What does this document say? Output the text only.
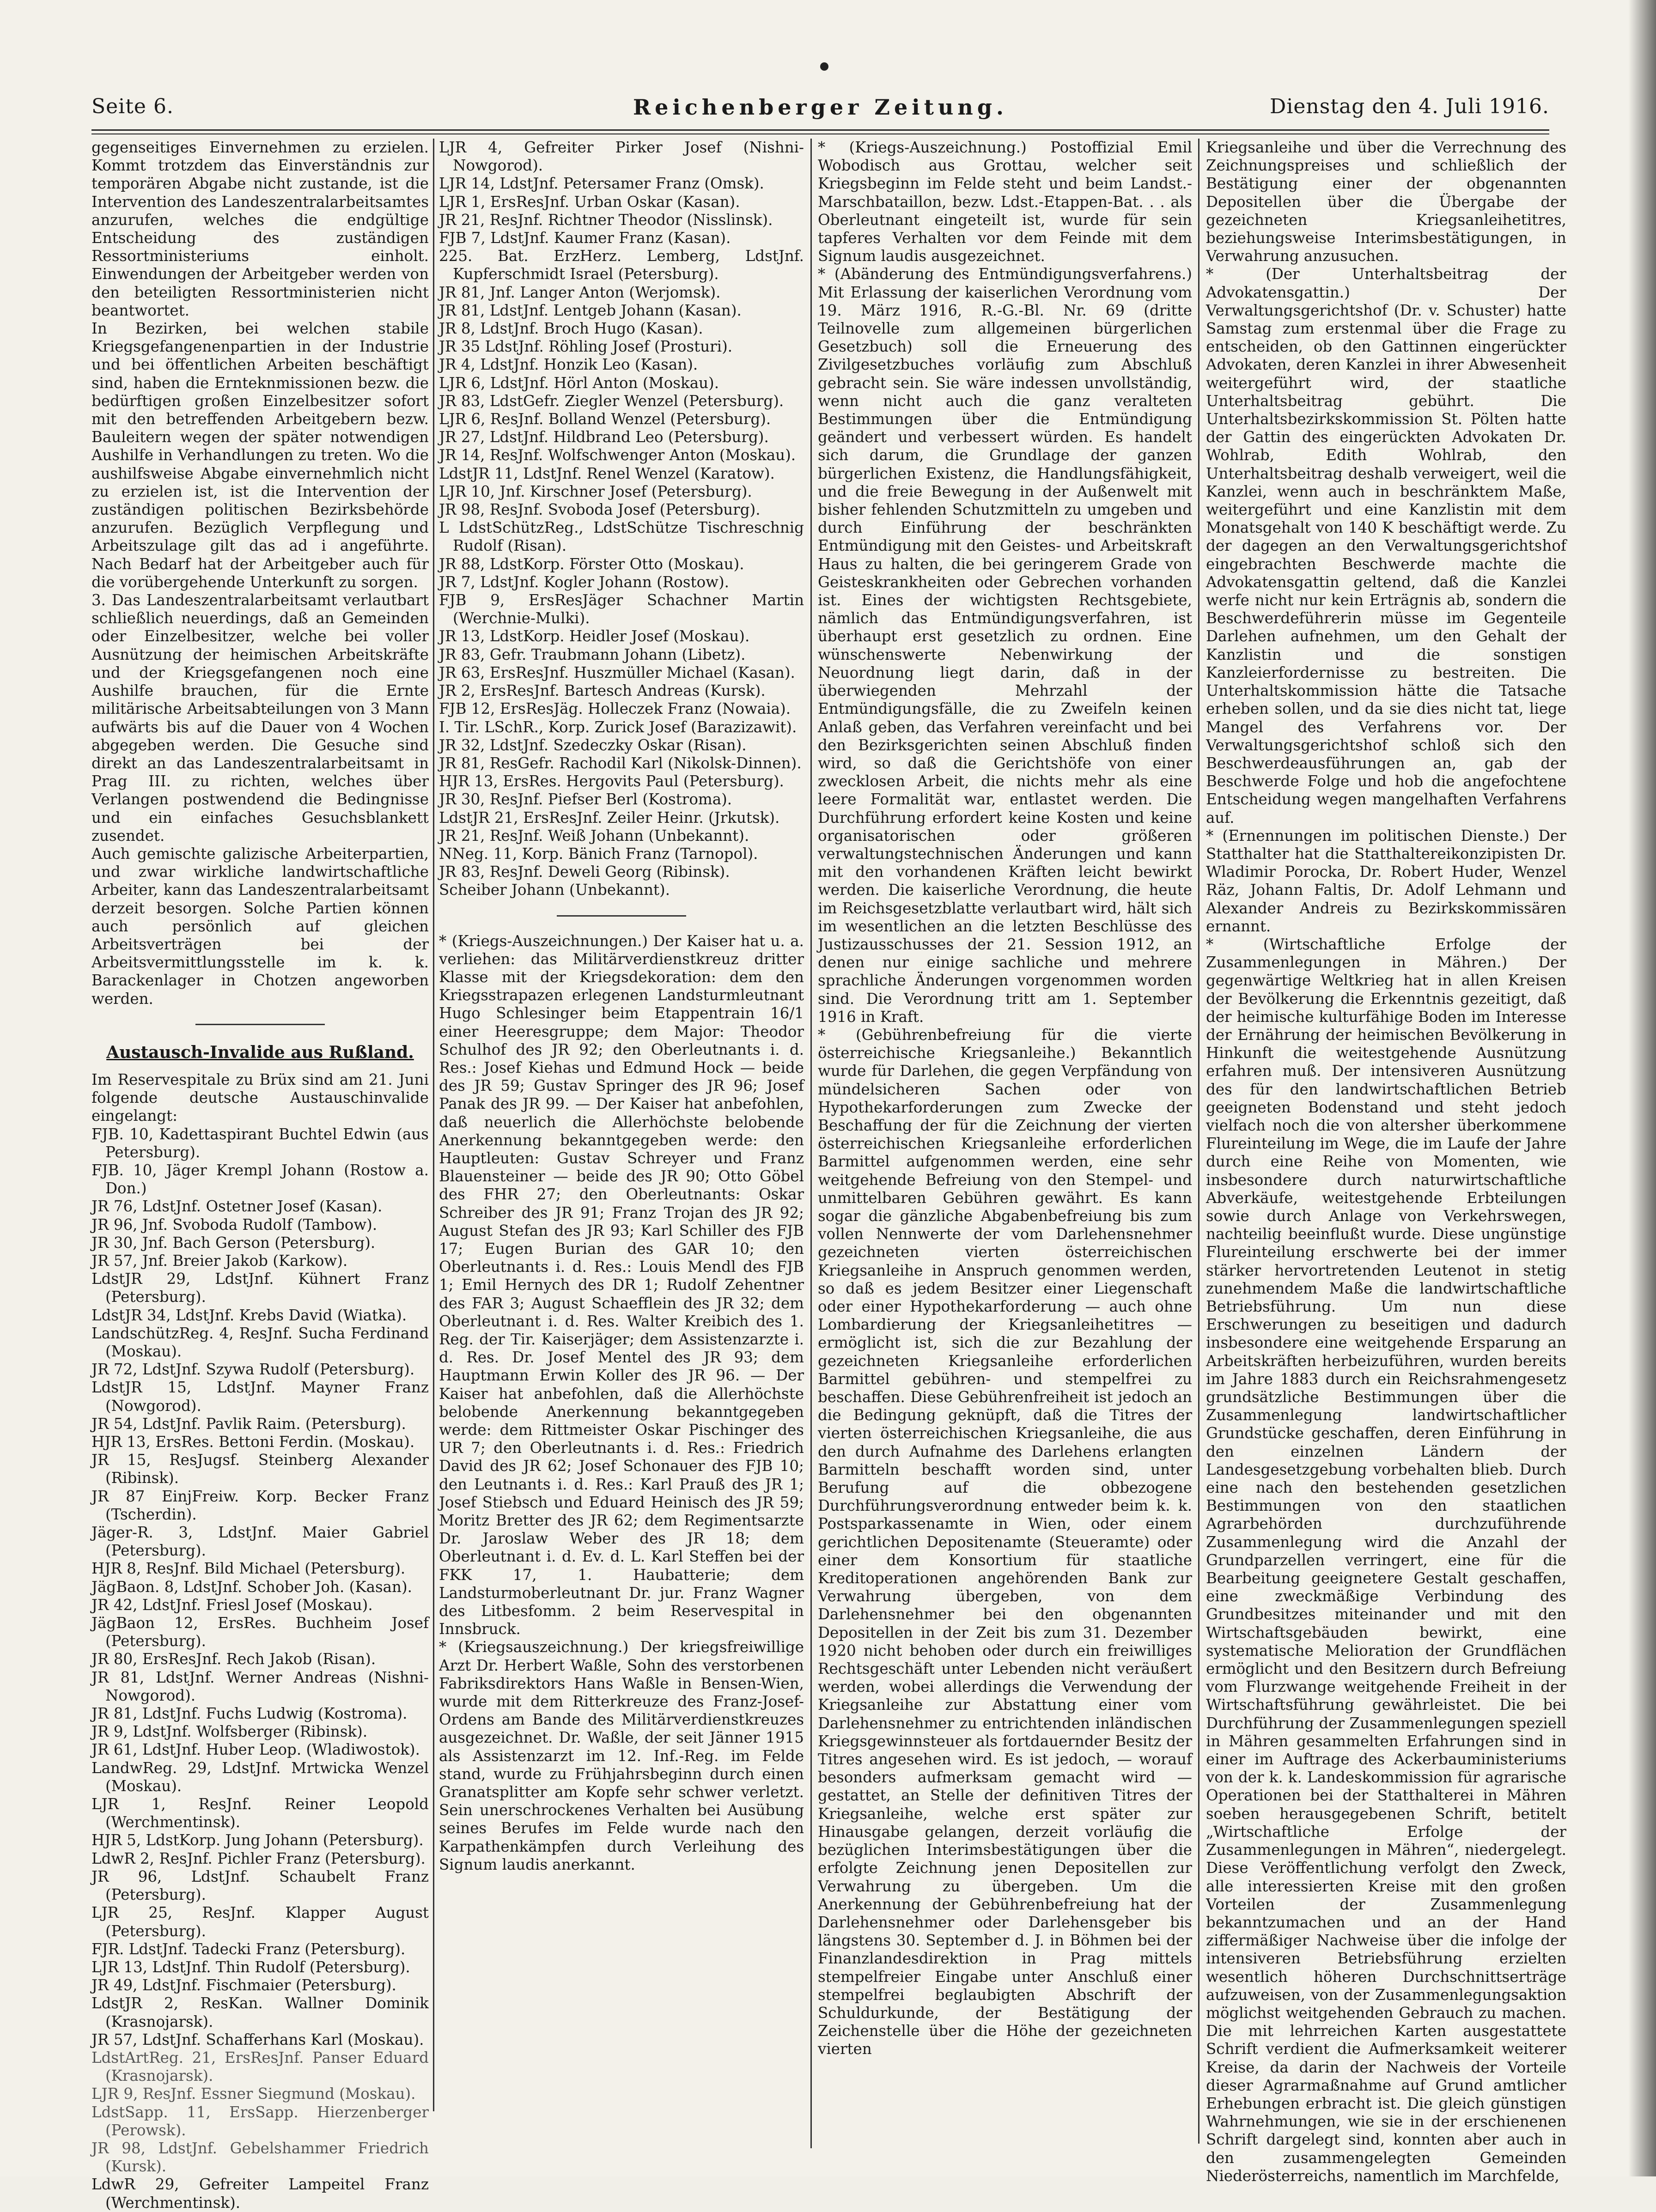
Seite 6.	Reichenberger Zeitung.	Dienstag den 4. Juli 1916.

gegenseitiges Einvernehmen zu erzielen. Kommt trotzdem das Einverständnis zur temporären Abgabe nicht zustande, ist die Intervention des Landeszentralarbeitsamtes anzurufen, welches die endgültige Entscheidung des zuständigen Ressortministeriums einholt. Einwendungen der Arbeitgeber werden von den beteiligten Ressortministerien nicht beantwortet.

In Bezirken, bei welchen stabile Kriegsgefangenenpartien in der Industrie und bei öffentlichen Arbeiten beschäftigt sind, haben die Ernteknmissionen bezw. die bedürftigen großen Einzelbesitzer sofort mit den betreffenden Arbeitgebern bezw. Bauleitern wegen der später notwendigen Aushilfe in Verhandlungen zu treten. Wo die aushilfsweise Abgabe einvernehmlich nicht zu erzielen ist, ist die Intervention der zuständigen politischen Bezirksbehörde anzurufen. Bezüglich Verpflegung und Arbeitszulage gilt das ad i angeführte. Nach Bedarf hat der Arbeitgeber auch für die vorübergehende Unterkunft zu sorgen.

3. Das Landeszentralarbeitsamt verlautbart schließlich neuerdings, daß an Gemeinden oder Einzelbesitzer, welche bei voller Ausnützung der heimischen Arbeitskräfte und der Kriegsgefangenen noch eine Aushilfe brauchen, für die Ernte militärische Arbeitsabteilungen von 3 Mann aufwärts bis auf die Dauer von 4 Wochen abgegeben werden. Die Gesuche sind direkt an das Landeszentralarbeitsamt in Prag III. zu richten, welches über Verlangen postwendend die Bedingnisse und ein einfaches Gesuchsblankett zusendet.

Auch gemischte galizische Arbeiterpartien, und zwar wirkliche landwirtschaftliche Arbeiter, kann das Landeszentralarbeitsamt derzeit besorgen. Solche Partien können auch persönlich auf gleichen Arbeitsverträgen bei der Arbeitsvermittlungsstelle im k. k. Barackenlager in Chotzen angeworben werden.

Austausch-Invalide aus Rußland.

Im Reservespitale zu Brüx sind am 21. Juni folgende deutsche Austauschinvalide eingelangt:

FJB. 10, Kadettaspirant Buchtel Edwin (aus Petersburg).

FJB. 10, Jäger Krempl Johann (Rostow a. Don.)

JR 76, LdstJnf. Ostetner Josef (Kasan).

JR 96, Jnf. Svoboda Rudolf (Tambow).

JR 30, Jnf. Bach Gerson (Petersburg).

JR 57, Jnf. Breier Jakob (Karkow).

LdstJR 29, LdstJnf. Kühnert Franz (Petersburg).

LdstJR 34, LdstJnf. Krebs David (Wiatka).

LandschützReg. 4, ResJnf. Sucha Ferdinand (Moskau).

JR 72, LdstJnf. Szywa Rudolf (Petersburg).

LdstJR 15, LdstJnf. Mayner Franz (Nowgorod).

JR 54, LdstJnf. Pavlik Raim. (Petersburg).

HJR 13, ErsRes. Bettoni Ferdin. (Moskau).

JR 15, ResJugsf. Steinberg Alexander (Ribinsk).

JR 87 EinjFreiw. Korp. Becker Franz (Tscherdin).

Jäger-R. 3, LdstJnf. Maier Gabriel (Petersburg).

HJR 8, ResJnf. Bild Michael (Petersburg).

JägBaon. 8, LdstJnf. Schober Joh. (Kasan).

JR 42, LdstJnf. Friesl Josef (Moskau).

JägBaon 12, ErsRes. Buchheim Josef (Petersburg).

JR 80, ErsResJnf. Rech Jakob (Risan).

JR 81, LdstJnf. Werner Andreas (Nishni-Nowgorod).

JR 81, LdstJnf. Fuchs Ludwig (Kostroma).

JR 9, LdstJnf. Wolfsberger (Ribinsk).

JR 61, LdstJnf. Huber Leop. (Wladiwostok).

LandwReg. 29, LdstJnf. Mrtwicka Wenzel (Moskau).

LJR 1, ResJnf. Reiner Leopold (Werchmentinsk).

HJR 5, LdstKorp. Jung Johann (Petersburg).

LdwR 2, ResJnf. Pichler Franz (Petersburg).

JR 96, LdstJnf. Schaubelt Franz (Petersburg).

LJR 25, ResJnf. Klapper August (Petersburg).

FJR. LdstJnf. Tadecki Franz (Petersburg).

LJR 13, LdstJnf. Thin Rudolf (Petersburg).

JR 49, LdstJnf. Fischmaier (Petersburg).

LdstJR 2, ResKan. Wallner Dominik (Krasnojarsk).

JR 57, LdstJnf. Schafferhans Karl (Moskau).

LdstArtReg. 21, ErsResJnf. Panser Eduard (Krasnojarsk).

LJR 9, ResJnf. Essner Siegmund (Moskau).

LdstSapp. 11, ErsSapp. Hierzenberger (Perowsk).

JR 98, LdstJnf. Gebelshammer Friedrich (Kursk).

LdwR 29, Gefreiter Lampeitel Franz (Werchmentinsk).

LJR 4, Gefreiter Pirker Josef (Nishni-Nowgorod).

LJR 14, LdstJnf. Petersamer Franz (Omsk).

LJR 1, ErsResJnf. Urban Oskar (Kasan).

JR 21, ResJnf. Richtner Theodor (Nisslinsk).

FJB 7, LdstJnf. Kaumer Franz (Kasan).

225. Bat. ErzHerz. Lemberg, LdstJnf. Kupferschmidt Israel (Petersburg).

JR 81, Jnf. Langer Anton (Werjomsk).

JR 81, LdstJnf. Lentgeb Johann (Kasan).

JR 8, LdstJnf. Broch Hugo (Kasan).

JR 35 LdstJnf. Röhling Josef (Prosturi).

JR 4, LdstJnf. Honzik Leo (Kasan).

LJR 6, LdstJnf. Hörl Anton (Moskau).

JR 83, LdstGefr. Ziegler Wenzel (Petersburg).

LJR 6, ResJnf. Bolland Wenzel (Petersburg).

JR 27, LdstJnf. Hildbrand Leo (Petersburg).

JR 14, ResJnf. Wolfschwenger Anton (Moskau).

LdstJR 11, LdstJnf. Renel Wenzel (Karatow).

LJR 10, Jnf. Kirschner Josef (Petersburg).

JR 98, ResJnf. Svoboda Josef (Petersburg).

L LdstSchützReg., LdstSchütze Tischreschnig Rudolf (Risan).

JR 88, LdstKorp. Förster Otto (Moskau).

JR 7, LdstJnf. Kogler Johann (Rostow).

FJB 9, ErsResJäger Schachner Martin (Werchnie-Mulki).

JR 13, LdstKorp. Heidler Josef (Moskau).

JR 83, Gefr. Traubmann Johann (Libetz).

JR 63, ErsResJnf. Huszmüller Michael (Kasan).

JR 2, ErsResJnf. Bartesch Andreas (Kursk).

FJB 12, ErsResJäg. Holleczek Franz (Nowaia).

I. Tir. LSchR., Korp. Zurick Josef (Barazizawit).

JR 32, LdstJnf. Szedeczky Oskar (Risan).

JR 81, ResGefr. Rachodil Karl (Nikolsk-Dinnen).

HJR 13, ErsRes. Hergovits Paul (Petersburg).

JR 30, ResJnf. Piefser Berl (Kostroma).

LdstJR 21, ErsResJnf. Zeiler Heinr. (Jrkutsk).

JR 21, ResJnf. Weiß Johann (Unbekannt).

NNeg. 11, Korp. Bänich Franz (Tarnopol).

JR 83, ResJnf. Deweli Georg (Ribinsk).

Scheiber Johann (Unbekannt).

* (Kriegs-Auszeichnungen.) Der Kaiser hat u. a. verliehen: das Militärverdienstkreuz dritter Klasse mit der Kriegsdekoration: dem den Kriegsstrapazen erlegenen Landsturmleutnant Hugo Schlesinger beim Etappentrain 16/1 einer Heeresgruppe; dem Major: Theodor Schulhof des JR 92; den Oberleutnants i. d. Res.: Josef Kiehas und Edmund Hock — beide des JR 59; Gustav Springer des JR 96; Josef Panak des JR 99. — Der Kaiser hat anbefohlen, daß neuerlich die Allerhöchste belobende Anerkennung bekanntgegeben werde: den Hauptleuten: Gustav Schreyer und Franz Blauensteiner — beide des JR 90; Otto Göbel des FHR 27; den Oberleutnants: Oskar Schreiber des JR 91; Franz Trojan des JR 92; August Stefan des JR 93; Karl Schiller des FJB 17; Eugen Burian des GAR 10; den Oberleutnants i. d. Res.: Louis Mendl des FJB 1; Emil Hernych des DR 1; Rudolf Zehentner des FAR 3; August Schaefflein des JR 32; dem Oberleutnant i. d. Res. Walter Kreibich des 1. Reg. der Tir. Kaiserjäger; dem Assistenzarzte i. d. Res. Dr. Josef Mentel des JR 93; dem Hauptmann Erwin Koller des JR 96. — Der Kaiser hat anbefohlen, daß die Allerhöchste belobende Anerkennung bekanntgegeben werde: dem Rittmeister Oskar Pischinger des UR 7; den Oberleutnants i. d. Res.: Friedrich David des JR 62; Josef Schonauer des FJB 10; den Leutnants i. d. Res.: Karl Prauß des JR 1; Josef Stiebsch und Eduard Heinisch des JR 59; Moritz Bretter des JR 62; dem Regimentsarzte Dr. Jaroslaw Weber des JR 18; dem Oberleutnant i. d. Ev. d. L. Karl Steffen bei der FKK 17, 1. Haubatterie; dem Landsturmoberleutnant Dr. jur. Franz Wagner des Litbesfomm. 2 beim Reservespital in Innsbruck.

* (Kriegsauszeichnung.) Der kriegsfreiwillige Arzt Dr. Herbert Waßle, Sohn des verstorbenen Fabriksdirektors Hans Waßle in Bensen-Wien, wurde mit dem Ritterkreuze des Franz-Josef-Ordens am Bande des Militärverdienstkreuzes ausgezeichnet. Dr. Waßle, der seit Jänner 1915 als Assistenzarzt im 12. Inf.-Reg. im Felde stand, wurde zu Frühjahrsbeginn durch einen Granatsplitter am Kopfe sehr schwer verletzt. Sein unerschrockenes Verhalten bei Ausübung seines Berufes im Felde wurde nach den Karpathenkämpfen durch Verleihung des Signum laudis anerkannt.

* (Kriegs-Auszeichnung.) Postoffizial Emil Wobodisch aus Grottau, welcher seit Kriegsbeginn im Felde steht und beim Landst.-Marschbataillon, bezw. Ldst.-Etappen-Bat. . . als Oberleutnant eingeteilt ist, wurde für sein tapferes Verhalten vor dem Feinde mit dem Signum laudis ausgezeichnet.

* (Abänderung des Entmündigungsverfahrens.) Mit Erlassung der kaiserlichen Verordnung vom 19. März 1916, R.-G.-Bl. Nr. 69 (dritte Teilnovelle zum allgemeinen bürgerlichen Gesetzbuch) soll die Erneuerung des Zivilgesetzbuches vorläufig zum Abschluß gebracht sein. Sie wäre indessen unvollständig, wenn nicht auch die ganz veralteten Bestimmungen über die Entmündigung geändert und verbessert würden. Es handelt sich darum, die Grundlage der ganzen bürgerlichen Existenz, die Handlungsfähigkeit, und die freie Bewegung in der Außenwelt mit bisher fehlenden Schutzmitteln zu umgeben und durch Einführung der beschränkten Entmündigung mit den Geistes- und Arbeitskraft Haus zu halten, die bei geringerem Grade von Geisteskrankheiten oder Gebrechen vorhanden ist. Eines der wichtigsten Rechtsgebiete, nämlich das Entmündigungsverfahren, ist überhaupt erst gesetzlich zu ordnen. Eine wünschenswerte Nebenwirkung der Neuordnung liegt darin, daß in der überwiegenden Mehrzahl der Entmündigungsfälle, die zu Zweifeln keinen Anlaß geben, das Verfahren vereinfacht und bei den Bezirksgerichten seinen Abschluß finden wird, so daß die Gerichtshöfe von einer zwecklosen Arbeit, die nichts mehr als eine leere Formalität war, entlastet werden. Die Durchführung erfordert keine Kosten und keine organisatorischen oder größeren verwaltungstechnischen Änderungen und kann mit den vorhandenen Kräften leicht bewirkt werden. Die kaiserliche Verordnung, die heute im Reichsgesetzblatte verlautbart wird, hält sich im wesentlichen an die letzten Beschlüsse des Justizausschusses der 21. Session 1912, an denen nur einige sachliche und mehrere sprachliche Änderungen vorgenommen worden sind. Die Verordnung tritt am 1. September 1916 in Kraft.

* (Gebührenbefreiung für die vierte österreichische Kriegsanleihe.) Bekanntlich wurde für Darlehen, die gegen Verpfändung von mündelsicheren Sachen oder von Hypothekarforderungen zum Zwecke der Beschaffung der für die Zeichnung der vierten österreichischen Kriegsanleihe erforderlichen Barmittel aufgenommen werden, eine sehr weitgehende Befreiung von den Stempel- und unmittelbaren Gebühren gewährt. Es kann sogar die gänzliche Abgabenbefreiung bis zum vollen Nennwerte der vom Darlehensnehmer gezeichneten vierten österreichischen Kriegsanleihe in Anspruch genommen werden, so daß es jedem Besitzer einer Liegenschaft oder einer Hypothekarforderung — auch ohne Lombardierung der Kriegsanleihetitres — ermöglicht ist, sich die zur Bezahlung der gezeichneten Kriegsanleihe erforderlichen Barmittel gebühren- und stempelfrei zu beschaffen. Diese Gebührenfreiheit ist jedoch an die Bedingung geknüpft, daß die Titres der vierten österreichischen Kriegsanleihe, die aus den durch Aufnahme des Darlehens erlangten Barmitteln beschafft worden sind, unter Berufung auf die obbezogene Durchführungsverordnung entweder beim k. k. Postsparkassenamte in Wien, oder einem gerichtlichen Depositenamte (Steueramte) oder einer dem Konsortium für staatliche Kreditoperationen angehörenden Bank zur Verwahrung übergeben, von dem Darlehensnehmer bei den obgenannten Depositellen in der Zeit bis zum 31. Dezember 1920 nicht behoben oder durch ein freiwilliges Rechtsgeschäft unter Lebenden nicht veräußert werden, wobei allerdings die Verwendung der Kriegsanleihe zur Abstattung einer vom Darlehensnehmer zu entrichtenden inländischen Kriegsgewinnsteuer als fortdauernder Besitz der Titres angesehen wird. Es ist jedoch, — worauf besonders aufmerksam gemacht wird — gestattet, an Stelle der definitiven Titres der Kriegsanleihe, welche erst später zur Hinausgabe gelangen, derzeit vorläufig die bezüglichen Interimsbestätigungen über die erfolgte Zeichnung jenen Depositellen zur Verwahrung zu übergeben. Um die Anerkennung der Gebührenbefreiung hat der Darlehensnehmer oder Darlehensgeber bis längstens 30. September d. J. in Böhmen bei der Finanzlandesdirektion in Prag mittels stempelfreier Eingabe unter Anschluß einer stempelfrei beglaubigten Abschrift der Schuldurkunde, der Bestätigung der Zeichenstelle über die Höhe der gezeichneten vierten

Kriegsanleihe und über die Verrechnung des Zeichnungspreises und schließlich der Bestätigung einer der obgenannten Depositellen über die Übergabe der gezeichneten Kriegsanleihetitres, beziehungsweise Interimsbestätigungen, in Verwahrung anzusuchen.

* (Der Unterhaltsbeitrag der Advokatensgattin.) Der Verwaltungsgerichtshof (Dr. v. Schuster) hatte Samstag zum erstenmal über die Frage zu entscheiden, ob den Gattinnen eingerückter Advokaten, deren Kanzlei in ihrer Abwesenheit weitergeführt wird, der staatliche Unterhaltsbeitrag gebührt. Die Unterhaltsbezirkskommission St. Pölten hatte der Gattin des eingerückten Advokaten Dr. Wohlrab, Edith Wohlrab, den Unterhaltsbeitrag deshalb verweigert, weil die Kanzlei, wenn auch in beschränktem Maße, weitergeführt und eine Kanzlistin mit dem Monatsgehalt von 140 K beschäftigt werde. Zu der dagegen an den Verwaltungsgerichtshof eingebrachten Beschwerde machte die Advokatensgattin geltend, daß die Kanzlei werfe nicht nur kein Erträgnis ab, sondern die Beschwerdeführerin müsse im Gegenteile Darlehen aufnehmen, um den Gehalt der Kanzlistin und die sonstigen Kanzleierfordernisse zu bestreiten. Die Unterhaltskommission hätte die Tatsache erheben sollen, und da sie dies nicht tat, liege Mangel des Verfahrens vor. Der Verwaltungsgerichtshof schloß sich den Beschwerdeausführungen an, gab der Beschwerde Folge und hob die angefochtene Entscheidung wegen mangelhaften Verfahrens auf.

* (Ernennungen im politischen Dienste.) Der Statthalter hat die Statthaltereikonzipisten Dr. Wladimir Porocka, Dr. Robert Huder, Wenzel Räz, Johann Faltis, Dr. Adolf Lehmann und Alexander Andreis zu Bezirkskommissären ernannt.

* (Wirtschaftliche Erfolge der Zusammenlegungen in Mähren.) Der gegenwärtige Weltkrieg hat in allen Kreisen der Bevölkerung die Erkenntnis gezeitigt, daß der heimische kulturfähige Boden im Interesse der Ernährung der heimischen Bevölkerung in Hinkunft die weitestgehende Ausnützung erfahren muß. Der intensiveren Ausnützung des für den landwirtschaftlichen Betrieb geeigneten Bodenstand und steht jedoch vielfach noch die von altersher überkommene Flureinteilung im Wege, die im Laufe der Jahre durch eine Reihe von Momenten, wie insbesondere durch naturwirtschaftliche Abverkäufe, weitestgehende Erbteilungen sowie durch Anlage von Verkehrswegen, nachteilig beeinflußt wurde. Diese ungünstige Flureinteilung erschwerte bei der immer stärker hervortretenden Leutenot in stetig zunehmendem Maße die landwirtschaftliche Betriebsführung. Um nun diese Erschwerungen zu beseitigen und dadurch insbesondere eine weitgehende Ersparung an Arbeitskräften herbeizuführen, wurden bereits im Jahre 1883 durch ein Reichsrahmengesetz grundsätzliche Bestimmungen über die Zusammenlegung landwirtschaftlicher Grundstücke geschaffen, deren Einführung in den einzelnen Ländern der Landesgesetzgebung vorbehalten blieb. Durch eine nach den bestehenden gesetzlichen Bestimmungen von den staatlichen Agrarbehörden durchzuführende Zusammenlegung wird die Anzahl der Grundparzellen verringert, eine für die Bearbeitung geeignetere Gestalt geschaffen, eine zweckmäßige Verbindung des Grundbesitzes miteinander und mit den Wirtschaftsgebäuden bewirkt, eine systematische Melioration der Grundflächen ermöglicht und den Besitzern durch Befreiung vom Flurzwange weitgehende Freiheit in der Wirtschaftsführung gewährleistet. Die bei Durchführung der Zusammenlegungen speziell in Mähren gesammelten Erfahrungen sind in einer im Auftrage des Ackerbauministeriums von der k. k. Landeskommission für agrarische Operationen bei der Statthalterei in Mähren soeben herausgegebenen Schrift, betitelt „Wirtschaftliche Erfolge der Zusammenlegungen in Mähren“, niedergelegt. Diese Veröffentlichung verfolgt den Zweck, alle interessierten Kreise mit den großen Vorteilen der Zusammenlegung bekanntzumachen und an der Hand ziffermäßiger Nachweise über die infolge der intensiveren Betriebsführung erzielten wesentlich höheren Durchschnittserträge aufzuweisen, von der Zusammenlegungsaktion möglichst weitgehenden Gebrauch zu machen. Die mit lehrreichen Karten ausgestattete Schrift verdient die Aufmerksamkeit weiterer Kreise, da darin der Nachweis der Vorteile dieser Agrarmaßnahme auf Grund amtlicher Erhebungen erbracht ist. Die gleich günstigen Wahrnehmungen, wie sie in der erschienenen Schrift dargelegt sind, konnten aber auch in den zusammengelegten Gemeinden Niederösterreichs, namentlich im Marchfelde,
